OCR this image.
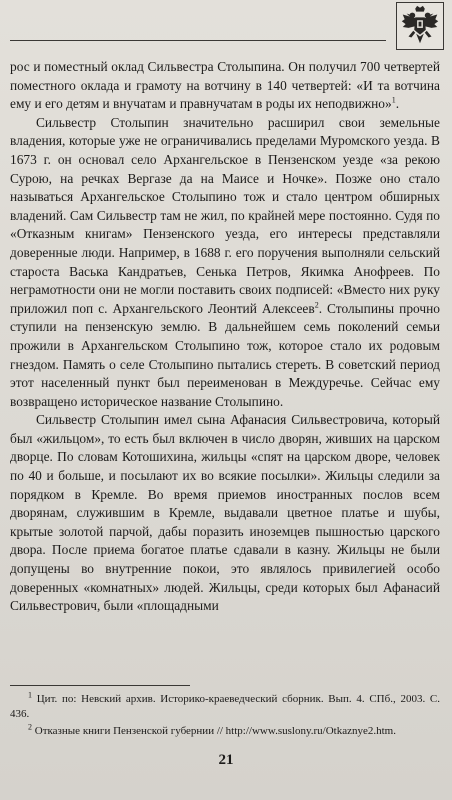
рос и поместный оклад Сильвестра Столыпина. Он получил 700 четвертей поместного оклада и грамоту на вотчину в 140 четвертей: «И та вотчина ему и его детям и внучатам и правнучатам в роды их неподвижно»$^1$.

Сильвестр Столыпин значительно расширил свои земельные владения, которые уже не ограничивались пределами Муромского уезда. В 1673 г. он основал село Архангельское в Пензенском уезде «за рекою Сурою, на речках Вергазе да на Маисе и Ночке». Позже оно стало называться Архангельское Столыпино тож и стало центром обширных владений. Сам Сильвестр там не жил, по крайней мере постоянно. Судя по «Отказным книгам» Пензенского уезда, его интересы представляли доверенные люди. Например, в 1688 г. его поручения выполняли сельский староста Васька Кандратьев, Сенька Петров, Якимка Анофреев. По неграмотности они не могли поставить своих подписей: «Вместо них руку приложил поп с. Архангельского Леонтий Алексеев$^2$. Столыпины прочно ступили на пензенскую землю. В дальнейшем семь поколений семьи прожили в Архангельском Столыпино тож, которое стало их родовым гнездом. Память о селе Столыпино пытались стереть. В советский период этот населенный пункт был переименован в Междуречье. Сейчас ему возвращено историческое название Столыпино.

Сильвестр Столыпин имел сына Афанасия Сильвестровича, который был «жильцом», то есть был включен в число дворян, живших на царском дворце. По словам Котошихина, жильцы «спят на царском дворе, человек по 40 и больше, и посылают их во всякие посылки». Жильцы следили за порядком в Кремле. Во время приемов иностранных послов всем дворянам, служившим в Кремле, выдавали цветное платье и шубы, крытые золотой парчой, дабы поразить иноземцев пышностью царского двора. После приема богатое платье сдавали в казну. Жильцы не были допущены во внутренние покои, это являлось привилегией особо доверенных «комнатных» людей. Жильцы, среди которых был Афанасий Сильвестрович, были «площадными

$^1$ Цит. по: Невский архив. Историко-краеведческий сборник. Вып. 4. СПб., 2003. С. 436.

$^2$ Отказные книги Пензенской губернии // http://www.suslony.ru/Otkaznye2.htm.

21
